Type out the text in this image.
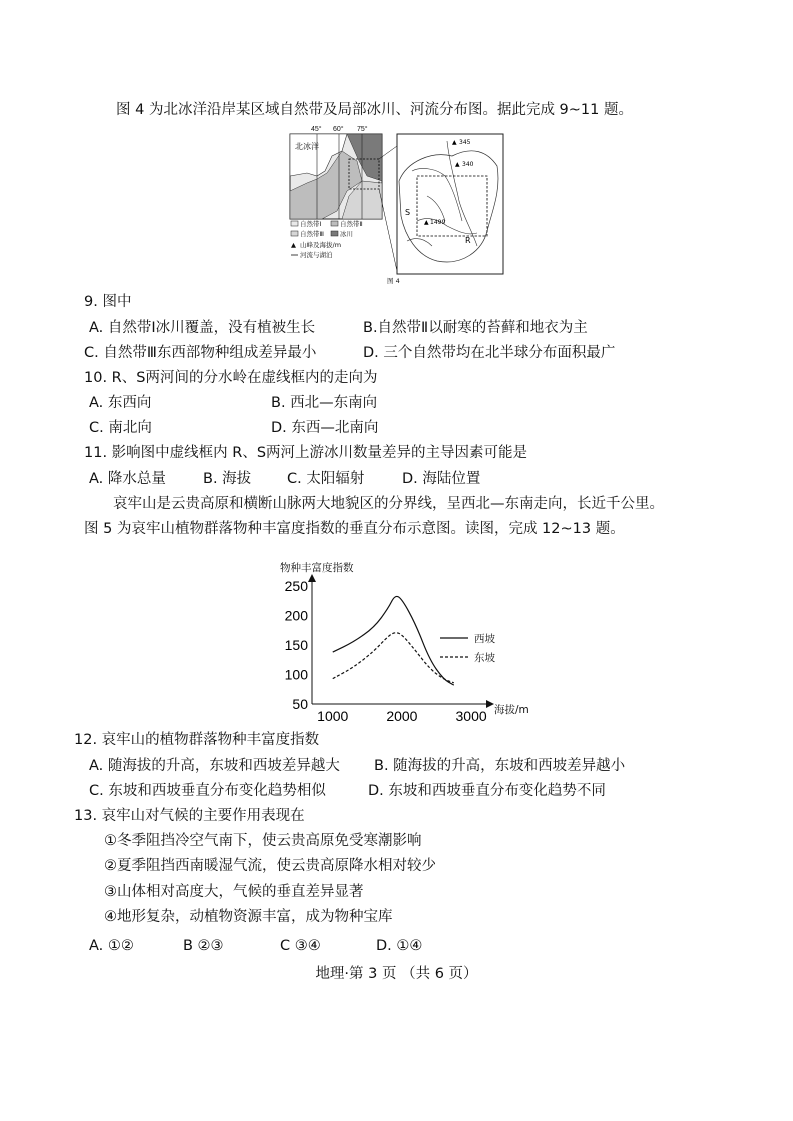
图 4 为北冰洋沿岸某区域自然带及局部冰川、河流分布图。据此完成 9~11 题。
45° 60° 75°
北冰洋
自然带Ⅰ	自然带Ⅱ
自然带Ⅲ 冰川
▲ 山峰及海拔/m
河流与湖泊
▲ 345
▲ 340
▲ 1499
S
R
图 4
9. 图中
A. 自然带Ⅰ冰川覆盖，没有植被生长	B.自然带Ⅱ以耐寒的苔藓和地衣为主
C. 自然带Ⅲ东西部物种组成差异最小	D. 三个自然带均在北半球分布面积最广
10. R、S两河间的分水岭在虚线框内的走向为
A. 东西向	B. 西北—东南向
C. 南北向	D. 东西—北南向
11. 影响图中虚线框内 R、S两河上游冰川数量差异的主导因素可能是
A. 降水总量	B. 海拔 C. 太阳辐射	D. 海陆位置
哀牢山是云贵高原和横断山脉两大地貌区的分界线，呈西北—东南走向，长近千公里。
图 5 为哀牢山植物群落物种丰富度指数的垂直分布示意图。读图，完成 12~13 题。
物种丰富度指数
海拔/m
50
100
150
200
250
1000	2000	3000
西坡
东坡
12. 哀牢山的植物群落物种丰富度指数
A. 随海拔的升高，东坡和西坡差异越大 B. 随海拔的升高，东坡和西坡差异越小
C. 东坡和西坡垂直分布变化趋势相似	D. 东坡和西坡垂直分布变化趋势不同
13. 哀牢山对气候的主要作用表现在
①冬季阻挡冷空气南下，使云贵高原免受寒潮影响
②夏季阻挡西南暖湿气流，使云贵高原降水相对较少
③山体相对高度大，气候的垂直差异显著
④地形复杂，动植物资源丰富，成为物种宝库
A. ①②	B ②③	C ③④	D. ①④
地理·第 3 页 （共 6 页）
